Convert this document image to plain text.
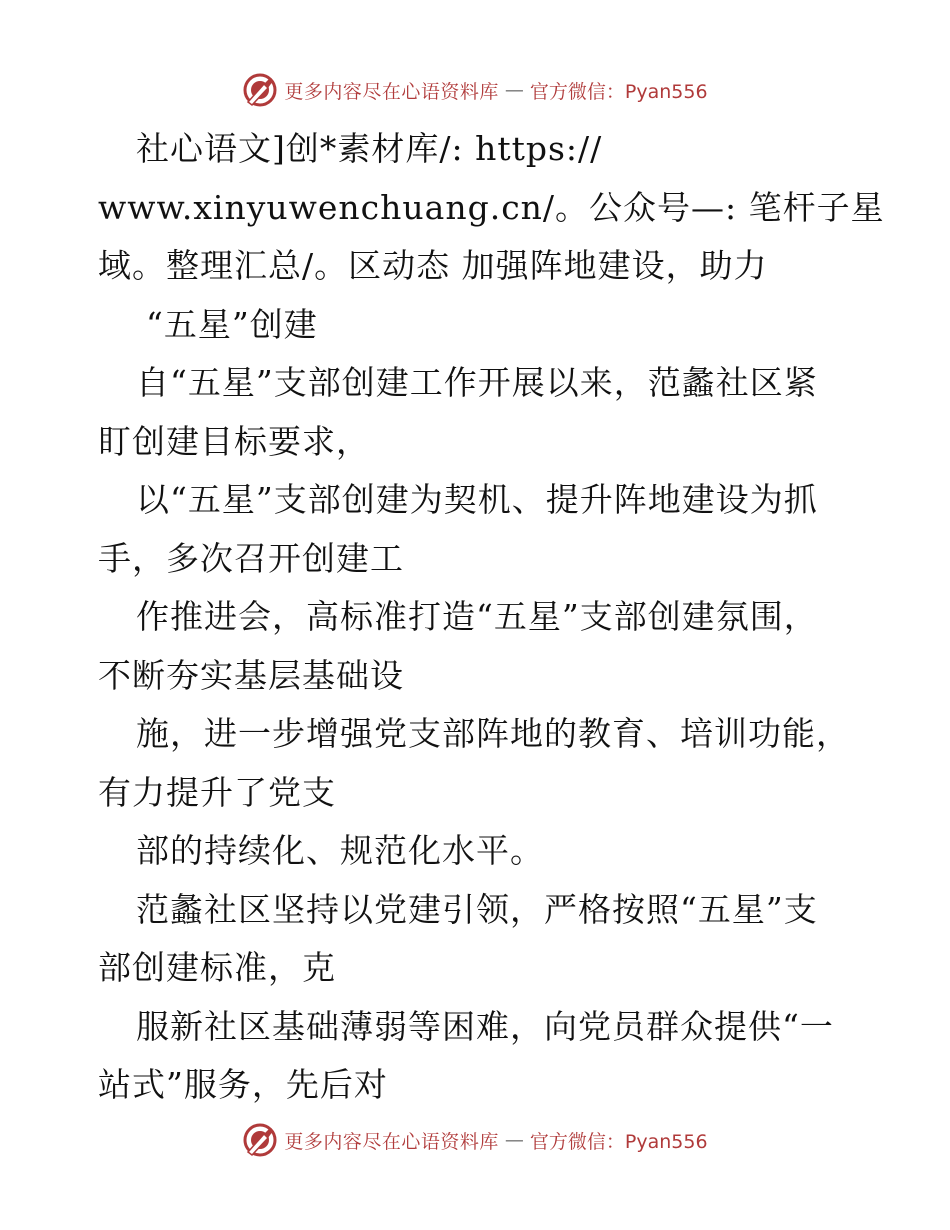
更多内容尽在心语资料库 — 官方微信：Pyan556
社心语文]创*素材库/: https://
www.xinyuwenchuang.cn/。公众号—: 笔杆子星
域。整理汇总/。区动态 加强阵地建设，助力
“五星”创建
自“五星”支部创建工作开展以来，范蠡社区紧
盯创建目标要求，
以“五星”支部创建为契机、提升阵地建设为抓
手，多次召开创建工
作推进会，高标准打造“五星”支部创建氛围，
不断夯实基层基础设
施，进一步增强党支部阵地的教育、培训功能，
有力提升了党支
部的持续化、规范化水平。
范蠡社区坚持以党建引领，严格按照“五星”支
部创建标准，克
服新社区基础薄弱等困难，向党员群众提供“一
站式”服务，先后对
更多内容尽在心语资料库 — 官方微信：Pyan556
